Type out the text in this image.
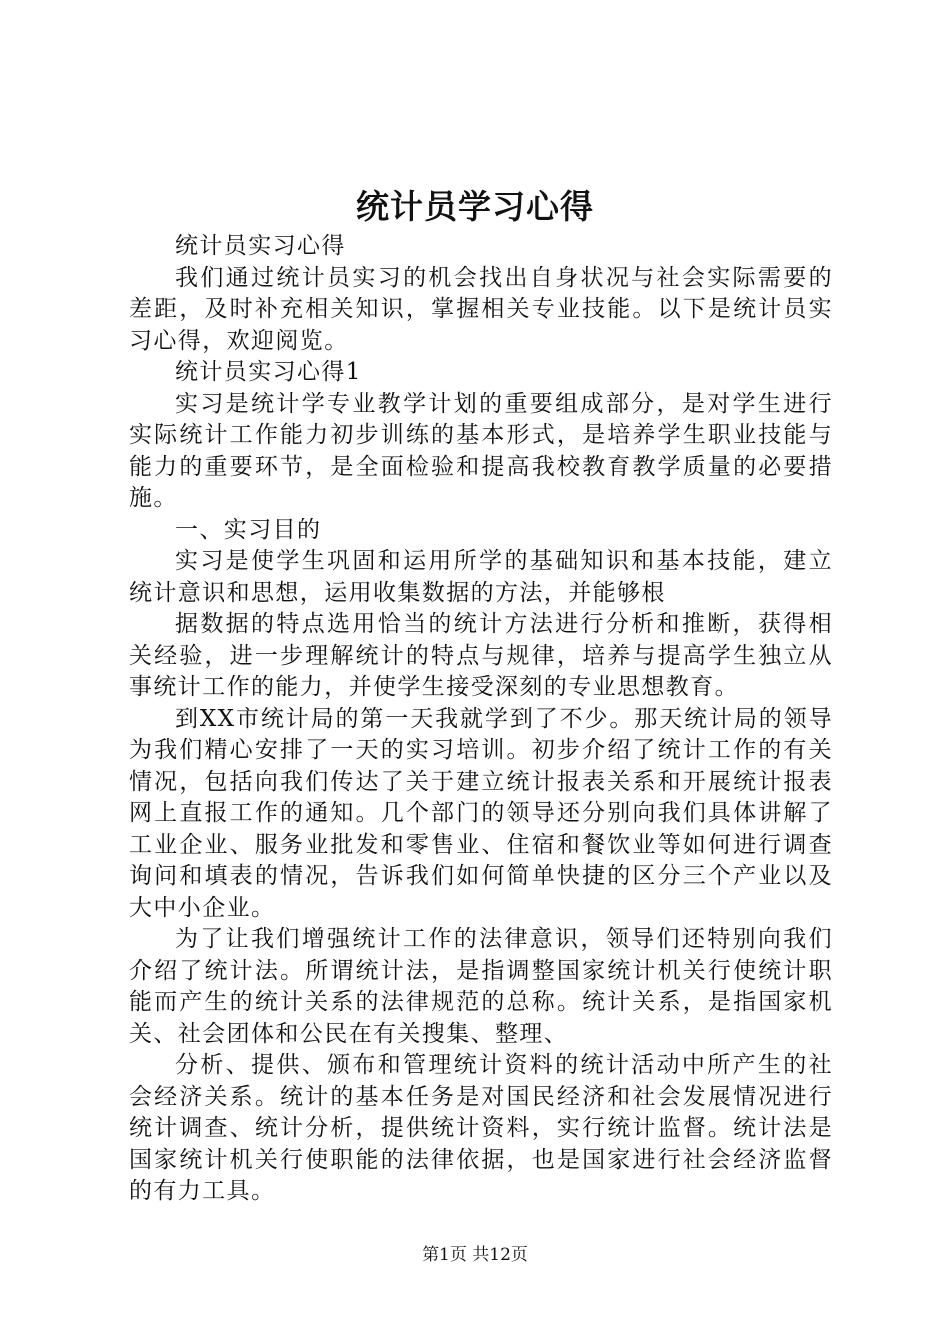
统计员学习心得

统计员实习心得

我们通过统计员实习的机会找出自身状况与社会实际需要的差距，及时补充相关知识，掌握相关专业技能。以下是统计员实习心得，欢迎阅览。

统计员实习心得1

实习是统计学专业教学计划的重要组成部分，是对学生进行实际统计工作能力初步训练的基本形式，是培养学生职业技能与能力的重要环节，是全面检验和提高我校教育教学质量的必要措施。

一、实习目的

实习是使学生巩固和运用所学的基础知识和基本技能，建立统计意识和思想，运用收集数据的方法，并能够根

据数据的特点选用恰当的统计方法进行分析和推断，获得相关经验，进一步理解统计的特点与规律，培养与提高学生独立从事统计工作的能力，并使学生接受深刻的专业思想教育。

到XX市统计局的第一天我就学到了不少。那天统计局的领导为我们精心安排了一天的实习培训。初步介绍了统计工作的有关情况，包括向我们传达了关于建立统计报表关系和开展统计报表网上直报工作的通知。几个部门的领导还分别向我们具体讲解了工业企业、服务业批发和零售业、住宿和餐饮业等如何进行调查询问和填表的情况，告诉我们如何简单快捷的区分三个产业以及大中小企业。

为了让我们增强统计工作的法律意识，领导们还特别向我们介绍了统计法。所谓统计法，是指调整国家统计机关行使统计职能而产生的统计关系的法律规范的总称。统计关系，是指国家机关、社会团体和公民在有关搜集、整理、

分析、提供、颁布和管理统计资料的统计活动中所产生的社会经济关系。统计的基本任务是对国民经济和社会发展情况进行统计调查、统计分析，提供统计资料，实行统计监督。统计法是国家统计机关行使职能的法律依据，也是国家进行社会经济监督的有力工具。

第1页 共12页
